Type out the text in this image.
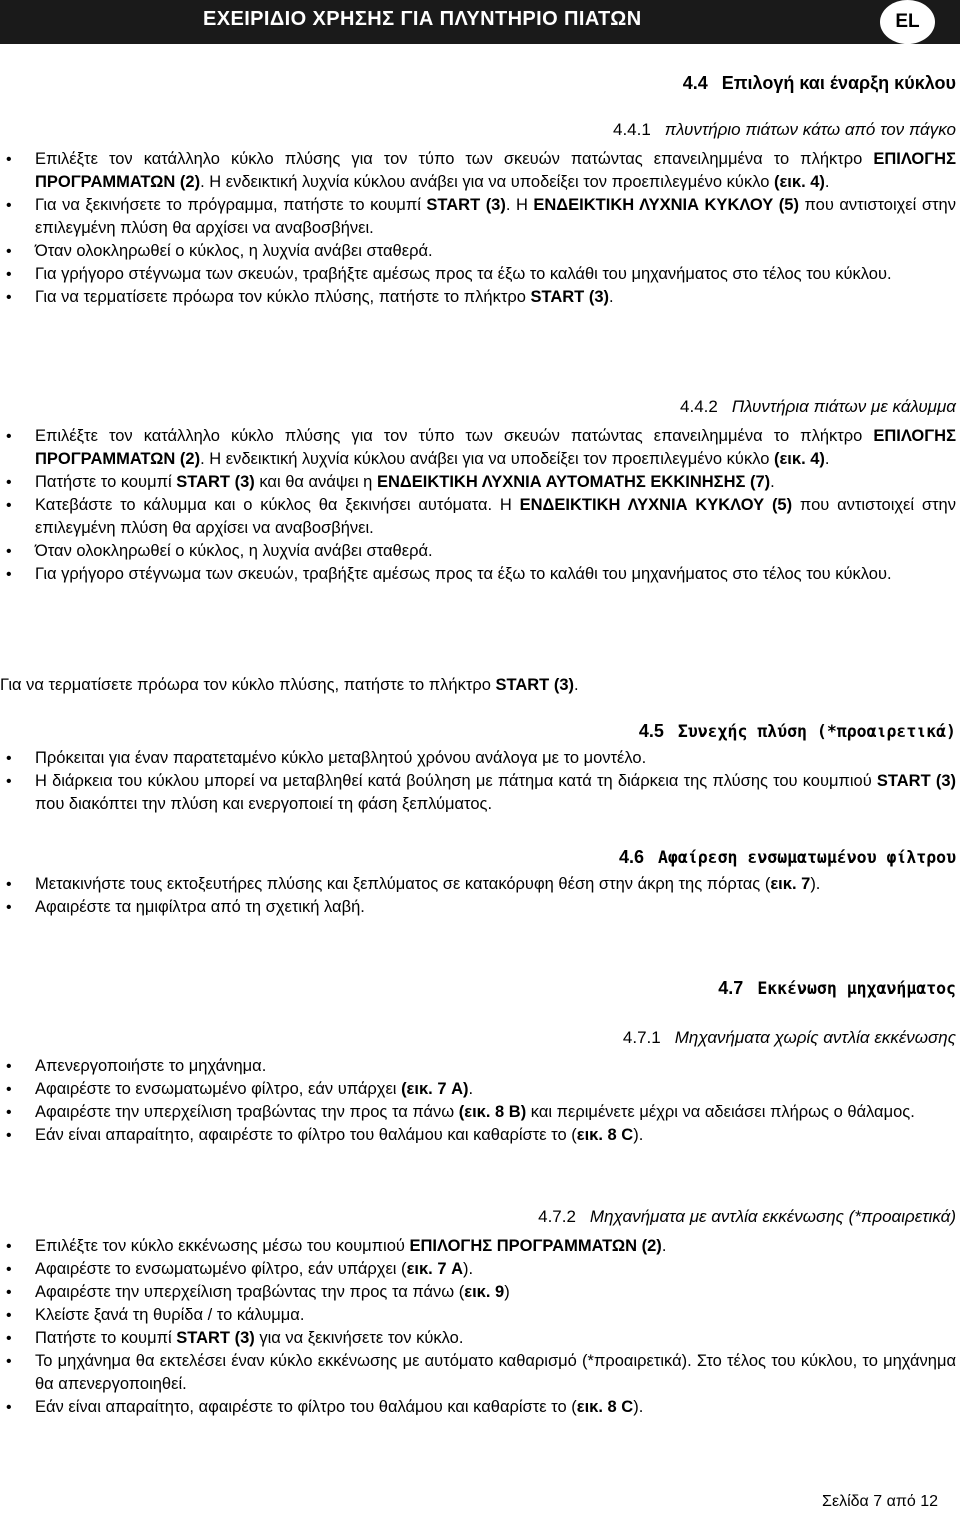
ΕΧΕΙΡΙΔΙΟ ΧΡΗΣΗΣ ΓΙΑ ΠΛΥΝΤΗΡΙΟ ΠΙΑΤΩΝ	EL
4.4 Επιλογή και έναρξη κύκλου
4.4.1 πλυντήριο πιάτων κάτω από τον πάγκο
• Επιλέξτε τον κατάλληλο κύκλο πλύσης για τον τύπο των σκευών πατώντας επανειλημμένα το πλήκτρο ΕΠΙΛΟΓΗΣ ΠΡΟΓΡΑΜΜΑΤΩΝ (2). Η ενδεικτική λυχνία κύκλου ανάβει για να υποδείξει τον προεπιλεγμένο κύκλο (εικ. 4).
• Για να ξεκινήσετε το πρόγραμμα, πατήστε το κουμπί START (3). Η ΕΝΔΕΙΚΤΙΚΗ ΛΥΧΝΙΑ ΚΥΚΛΟΥ (5) που αντιστοιχεί στην επιλεγμένη πλύση θα αρχίσει να αναβοσβήνει.
• Όταν ολοκληρωθεί ο κύκλος, η λυχνία ανάβει σταθερά.
• Για γρήγορο στέγνωμα των σκευών, τραβήξτε αμέσως προς τα έξω το καλάθι του μηχανήματος στο τέλος του κύκλου.
• Για να τερματίσετε πρόωρα τον κύκλο πλύσης, πατήστε το πλήκτρο START (3).
4.4.2 Πλυντήρια πιάτων με κάλυμμα
• Επιλέξτε τον κατάλληλο κύκλο πλύσης για τον τύπο των σκευών πατώντας επανειλημμένα το πλήκτρο ΕΠΙΛΟΓΗΣ ΠΡΟΓΡΑΜΜΑΤΩΝ (2). Η ενδεικτική λυχνία κύκλου ανάβει για να υποδείξει τον προεπιλεγμένο κύκλο (εικ. 4).
• Πατήστε το κουμπί START (3) και θα ανάψει η ΕΝΔΕΙΚΤΙΚΗ ΛΥΧΝΙΑ ΑΥΤΟΜΑΤΗΣ ΕΚΚΙΝΗΣΗΣ (7).
• Κατεβάστε το κάλυμμα και ο κύκλος θα ξεκινήσει αυτόματα. Η ΕΝΔΕΙΚΤΙΚΗ ΛΥΧΝΙΑ ΚΥΚΛΟΥ (5) που αντιστοιχεί στην επιλεγμένη πλύση θα αρχίσει να αναβοσβήνει.
• Όταν ολοκληρωθεί ο κύκλος, η λυχνία ανάβει σταθερά.
• Για γρήγορο στέγνωμα των σκευών, τραβήξτε αμέσως προς τα έξω το καλάθι του μηχανήματος στο τέλος του κύκλου.
Για να τερματίσετε πρόωρα τον κύκλο πλύσης, πατήστε το πλήκτρο START (3).
4.5 Συνεχής πλύση (*προαιρετικά)
• Πρόκειται για έναν παρατεταμένο κύκλο μεταβλητού χρόνου ανάλογα με το μοντέλο.
• Η διάρκεια του κύκλου μπορεί να μεταβληθεί κατά βούληση με πάτημα κατά τη διάρκεια της πλύσης του κουμπιού START (3) που διακόπτει την πλύση και ενεργοποιεί τη φάση ξεπλύματος.
4.6 Αφαίρεση ενσωματωμένου φίλτρου
• Μετακινήστε τους εκτοξευτήρες πλύσης και ξεπλύματος σε κατακόρυφη θέση στην άκρη της πόρτας (εικ. 7).
• Αφαιρέστε τα ημιφίλτρα από τη σχετική λαβή.
4.7 Εκκένωση μηχανήματος
4.7.1 Μηχανήματα χωρίς αντλία εκκένωσης
• Απενεργοποιήστε το μηχάνημα.
• Αφαιρέστε το ενσωματωμένο φίλτρο, εάν υπάρχει (εικ. 7 A).
• Αφαιρέστε την υπερχείλιση τραβώντας την προς τα πάνω (εικ. 8 B) και περιμένετε μέχρι να αδειάσει πλήρως ο θάλαμος.
• Εάν είναι απαραίτητο, αφαιρέστε το φίλτρο του θαλάμου και καθαρίστε το (εικ. 8 C).
4.7.2 Μηχανήματα με αντλία εκκένωσης (*προαιρετικά)
• Επιλέξτε τον κύκλο εκκένωσης μέσω του κουμπιού ΕΠΙΛΟΓΗΣ ΠΡΟΓΡΑΜΜΑΤΩΝ (2).
• Αφαιρέστε το ενσωματωμένο φίλτρο, εάν υπάρχει (εικ. 7 A).
• Αφαιρέστε την υπερχείλιση τραβώντας την προς τα πάνω (εικ. 9)
• Κλείστε ξανά τη θυρίδα / το κάλυμμα.
• Πατήστε το κουμπί START (3) για να ξεκινήσετε τον κύκλο.
• Το μηχάνημα θα εκτελέσει έναν κύκλο εκκένωσης με αυτόματο καθαρισμό (*προαιρετικά). Στο τέλος του κύκλου, το μηχάνημα θα απενεργοποιηθεί.
• Εάν είναι απαραίτητο, αφαιρέστε το φίλτρο του θαλάμου και καθαρίστε το (εικ. 8 C).
Σελίδα 7 από 12
